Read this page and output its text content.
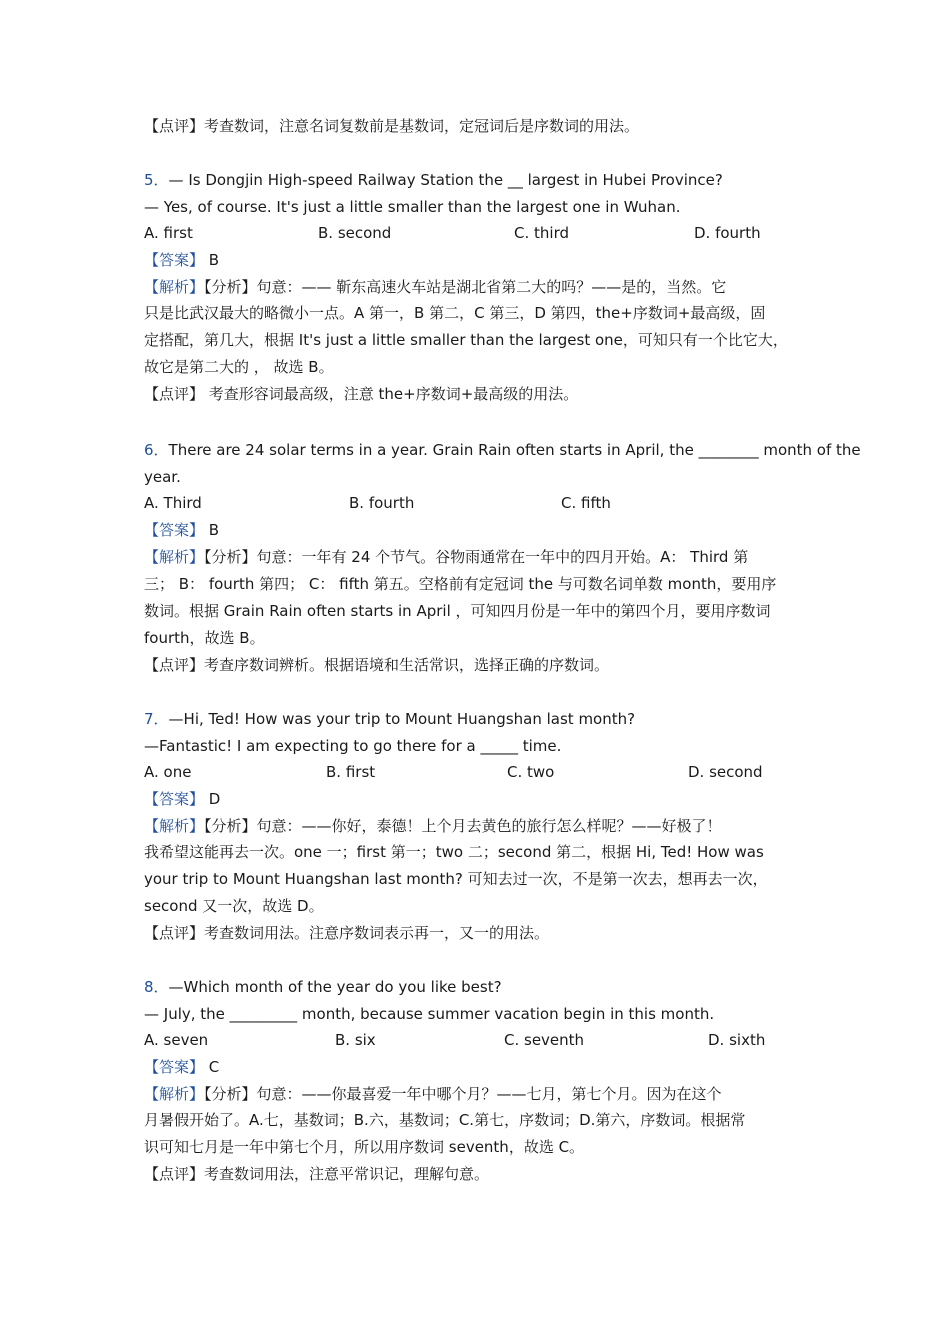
【点评】考查数词，注意名词复数前是基数词，定冠词后是序数词的用法。
5．— Is Dongjin High-speed Railway Station the __ largest in Hubei Province?
— Yes, of course. It's just a little smaller than the largest one in Wuhan.
A. first	B. second	C. third	D. fourth
【答案】 B
【解析】【分析】句意：—— 靳东高速火车站是湖北省第二大的吗？——是的，当然。它
只是比武汉最大的略微小一点。A 第一，B 第二，C 第三，D 第四，the+序数词+最高级，固
定搭配，第几大，根据 It's just a little smaller than the largest one，可知只有一个比它大，
故它是第二大的 ， 故选 B。
【点评】 考查形容词最高级，注意 the+序数词+最高级的用法。
6．There are 24 solar terms in a year. Grain Rain often starts in April, the ________ month of the
year.
A. Third	B. fourth	C. fifth
【答案】 B
【解析】【分析】句意：一年有 24 个节气。谷物雨通常在一年中的四月开始。A： Third 第
三； B： fourth 第四； C： fifth 第五。空格前有定冠词 the 与可数名词单数 month，要用序
数词。根据 Grain Rain often starts in April ，可知四月份是一年中的第四个月，要用序数词
fourth，故选 B。
【点评】考查序数词辨析。根据语境和生活常识，选择正确的序数词。
7．—Hi, Ted! How was your trip to Mount Huangshan last month?
—Fantastic! I am expecting to go there for a _____ time.
A. one	B. first	C. two	D. second
【答案】 D
【解析】【分析】句意：——你好，泰德！上个月去黄色的旅行怎么样呢？——好极了！
我希望这能再去一次。one 一；first 第一；two 二；second 第二，根据 Hi, Ted! How was
your trip to Mount Huangshan last month? 可知去过一次，不是第一次去，想再去一次，
second 又一次，故选 D。
【点评】考查数词用法。注意序数词表示再一，又一的用法。
8．—Which month of the year do you like best?
— July, the _________ month, because summer vacation begin in this month.
A. seven	B. six	C. seventh	D. sixth
【答案】 C
【解析】【分析】句意：——你最喜爱一年中哪个月？——七月，第七个月。因为在这个
月暑假开始了。A.七，基数词；B.六，基数词；C.第七，序数词；D.第六，序数词。根据常
识可知七月是一年中第七个月，所以用序数词 seventh，故选 C。
【点评】考查数词用法，注意平常识记，理解句意。
